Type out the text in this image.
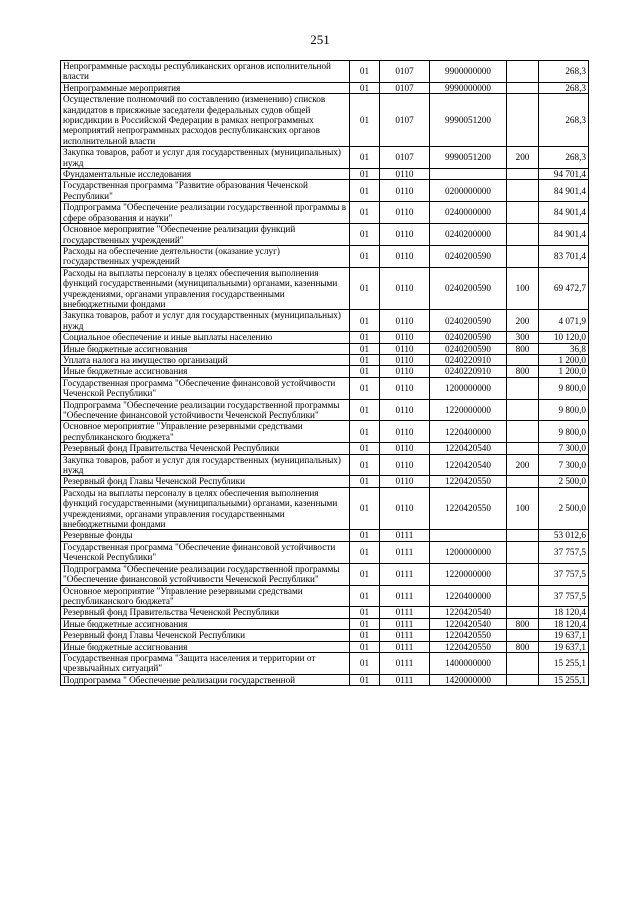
251
Непрограммные расходы республиканских органов исполнительной власти	01	0107	9900000000		268,3
Непрограммные мероприятия	01	0107	9990000000		268,3
Осуществление полномочий по составлению (изменению) списков кандидатов в присяжные заседатели федеральных судов общей юрисдикции в Российской Федерации в рамках непрограммных мероприятий непрограммных расходов республиканских органов исполнительной власти	01	0107	9990051200		268,3
Закупка товаров, работ и услуг для государственных (муниципальных) нужд	01	0107	9990051200	200	268,3
Фундаментальные исследования	01	0110			94 701,4
Государственная программа "Развитие образования Чеченской Республики"	01	0110	0200000000		84 901,4
Подпрограмма "Обеспечение реализации государственной программы в сфере образования и науки"	01	0110	0240000000		84 901,4
Основное мероприятие "Обеспечение реализации функций государственных учреждений"	01	0110	0240200000		84 901,4
Расходы на обеспечение деятельности (оказание услуг) государственных учреждений	01	0110	0240200590		83 701,4
Расходы на выплаты персоналу в целях обеспечения выполнения функций государственными (муниципальными) органами, казенными учреждениями, органами управления государственными внебюджетными фондами	01	0110	0240200590	100	69 472,7
Закупка товаров, работ и услуг для государственных (муниципальных) нужд	01	0110	0240200590	200	4 071,9
Социальное обеспечение и иные выплаты населению	01	0110	0240200590	300	10 120,0
Иные бюджетные ассигнования	01	0110	0240200590	800	36,8
Уплата налога на имущество организаций	01	0110	0240220910		1 200,0
Иные бюджетные ассигнования	01	0110	0240220910	800	1 200,0
Государственная программа "Обеспечение финансовой устойчивости Чеченской Республики"	01	0110	1200000000		9 800,0
Подпрограмма "Обеспечение реализации государственной программы "Обеспечение финансовой устойчивости Чеченской Республики"	01	0110	1220000000		9 800,0
Основное мероприятие "Управление резервными средствами республиканского бюджета"	01	0110	1220400000		9 800,0
Резервный фонд Правительства Чеченской Республики	01	0110	1220420540		7 300,0
Закупка товаров, работ и услуг для государственных (муниципальных) нужд	01	0110	1220420540	200	7 300,0
Резервный фонд Главы Чеченской Республики	01	0110	1220420550		2 500,0
Расходы на выплаты персоналу в целях обеспечения выполнения функций государственными (муниципальными) органами, казенными учреждениями, органами управления государственными внебюджетными фондами	01	0110	1220420550	100	2 500,0
Резервные фонды	01	0111			53 012,6
Государственная программа "Обеспечение финансовой устойчивости Чеченской Республики"	01	0111	1200000000		37 757,5
Подпрограмма "Обеспечение реализации государственной программы "Обеспечение финансовой устойчивости Чеченской Республики"	01	0111	1220000000		37 757,5
Основное мероприятие "Управление резервными средствами республиканского бюджета"	01	0111	1220400000		37 757,5
Резервный фонд Правительства Чеченской Республики	01	0111	1220420540		18 120,4
Иные бюджетные ассигнования	01	0111	1220420540	800	18 120,4
Резервный фонд Главы Чеченской Республики	01	0111	1220420550		19 637,1
Иные бюджетные ассигнования	01	0111	1220420550	800	19 637,1
Государственная программа "Защита населения и территории от чрезвычайных ситуаций"	01	0111	1400000000		15 255,1
Подпрограмма " Обеспечение реализации государственной	01	0111	1420000000		15 255,1
